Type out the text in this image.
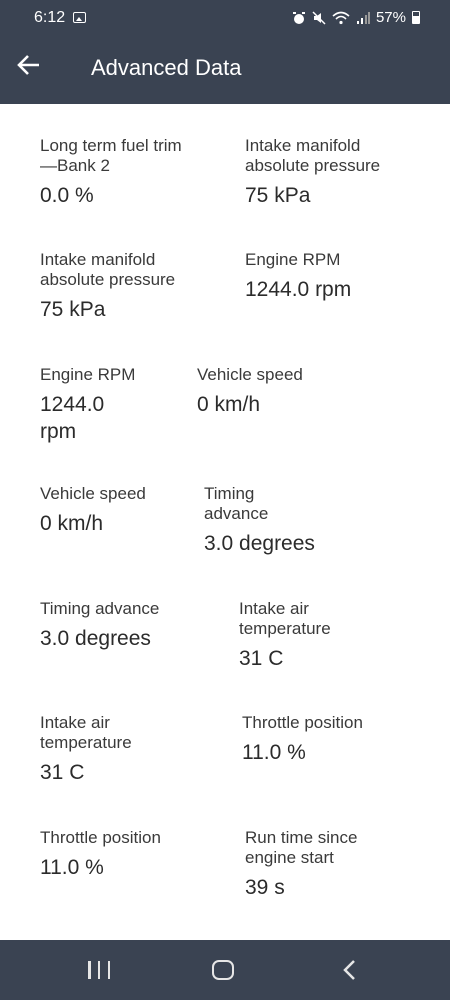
6:12	57%
Advanced Data
Long term fuel trim
—Bank 2
0.0 %
Intake manifold
absolute pressure
75 kPa
Intake manifold
absolute pressure
75 kPa
Engine RPM
1244.0 rpm
Engine RPM
1244.0
rpm
Vehicle speed
0 km/h
Vehicle speed
0 km/h
Timing
advance
3.0 degrees
Timing advance
3.0 degrees
Intake air
temperature
31 C
Intake air
temperature
31 C
Throttle position
11.0 %
Throttle position
11.0 %
Run time since
engine start
39 s
